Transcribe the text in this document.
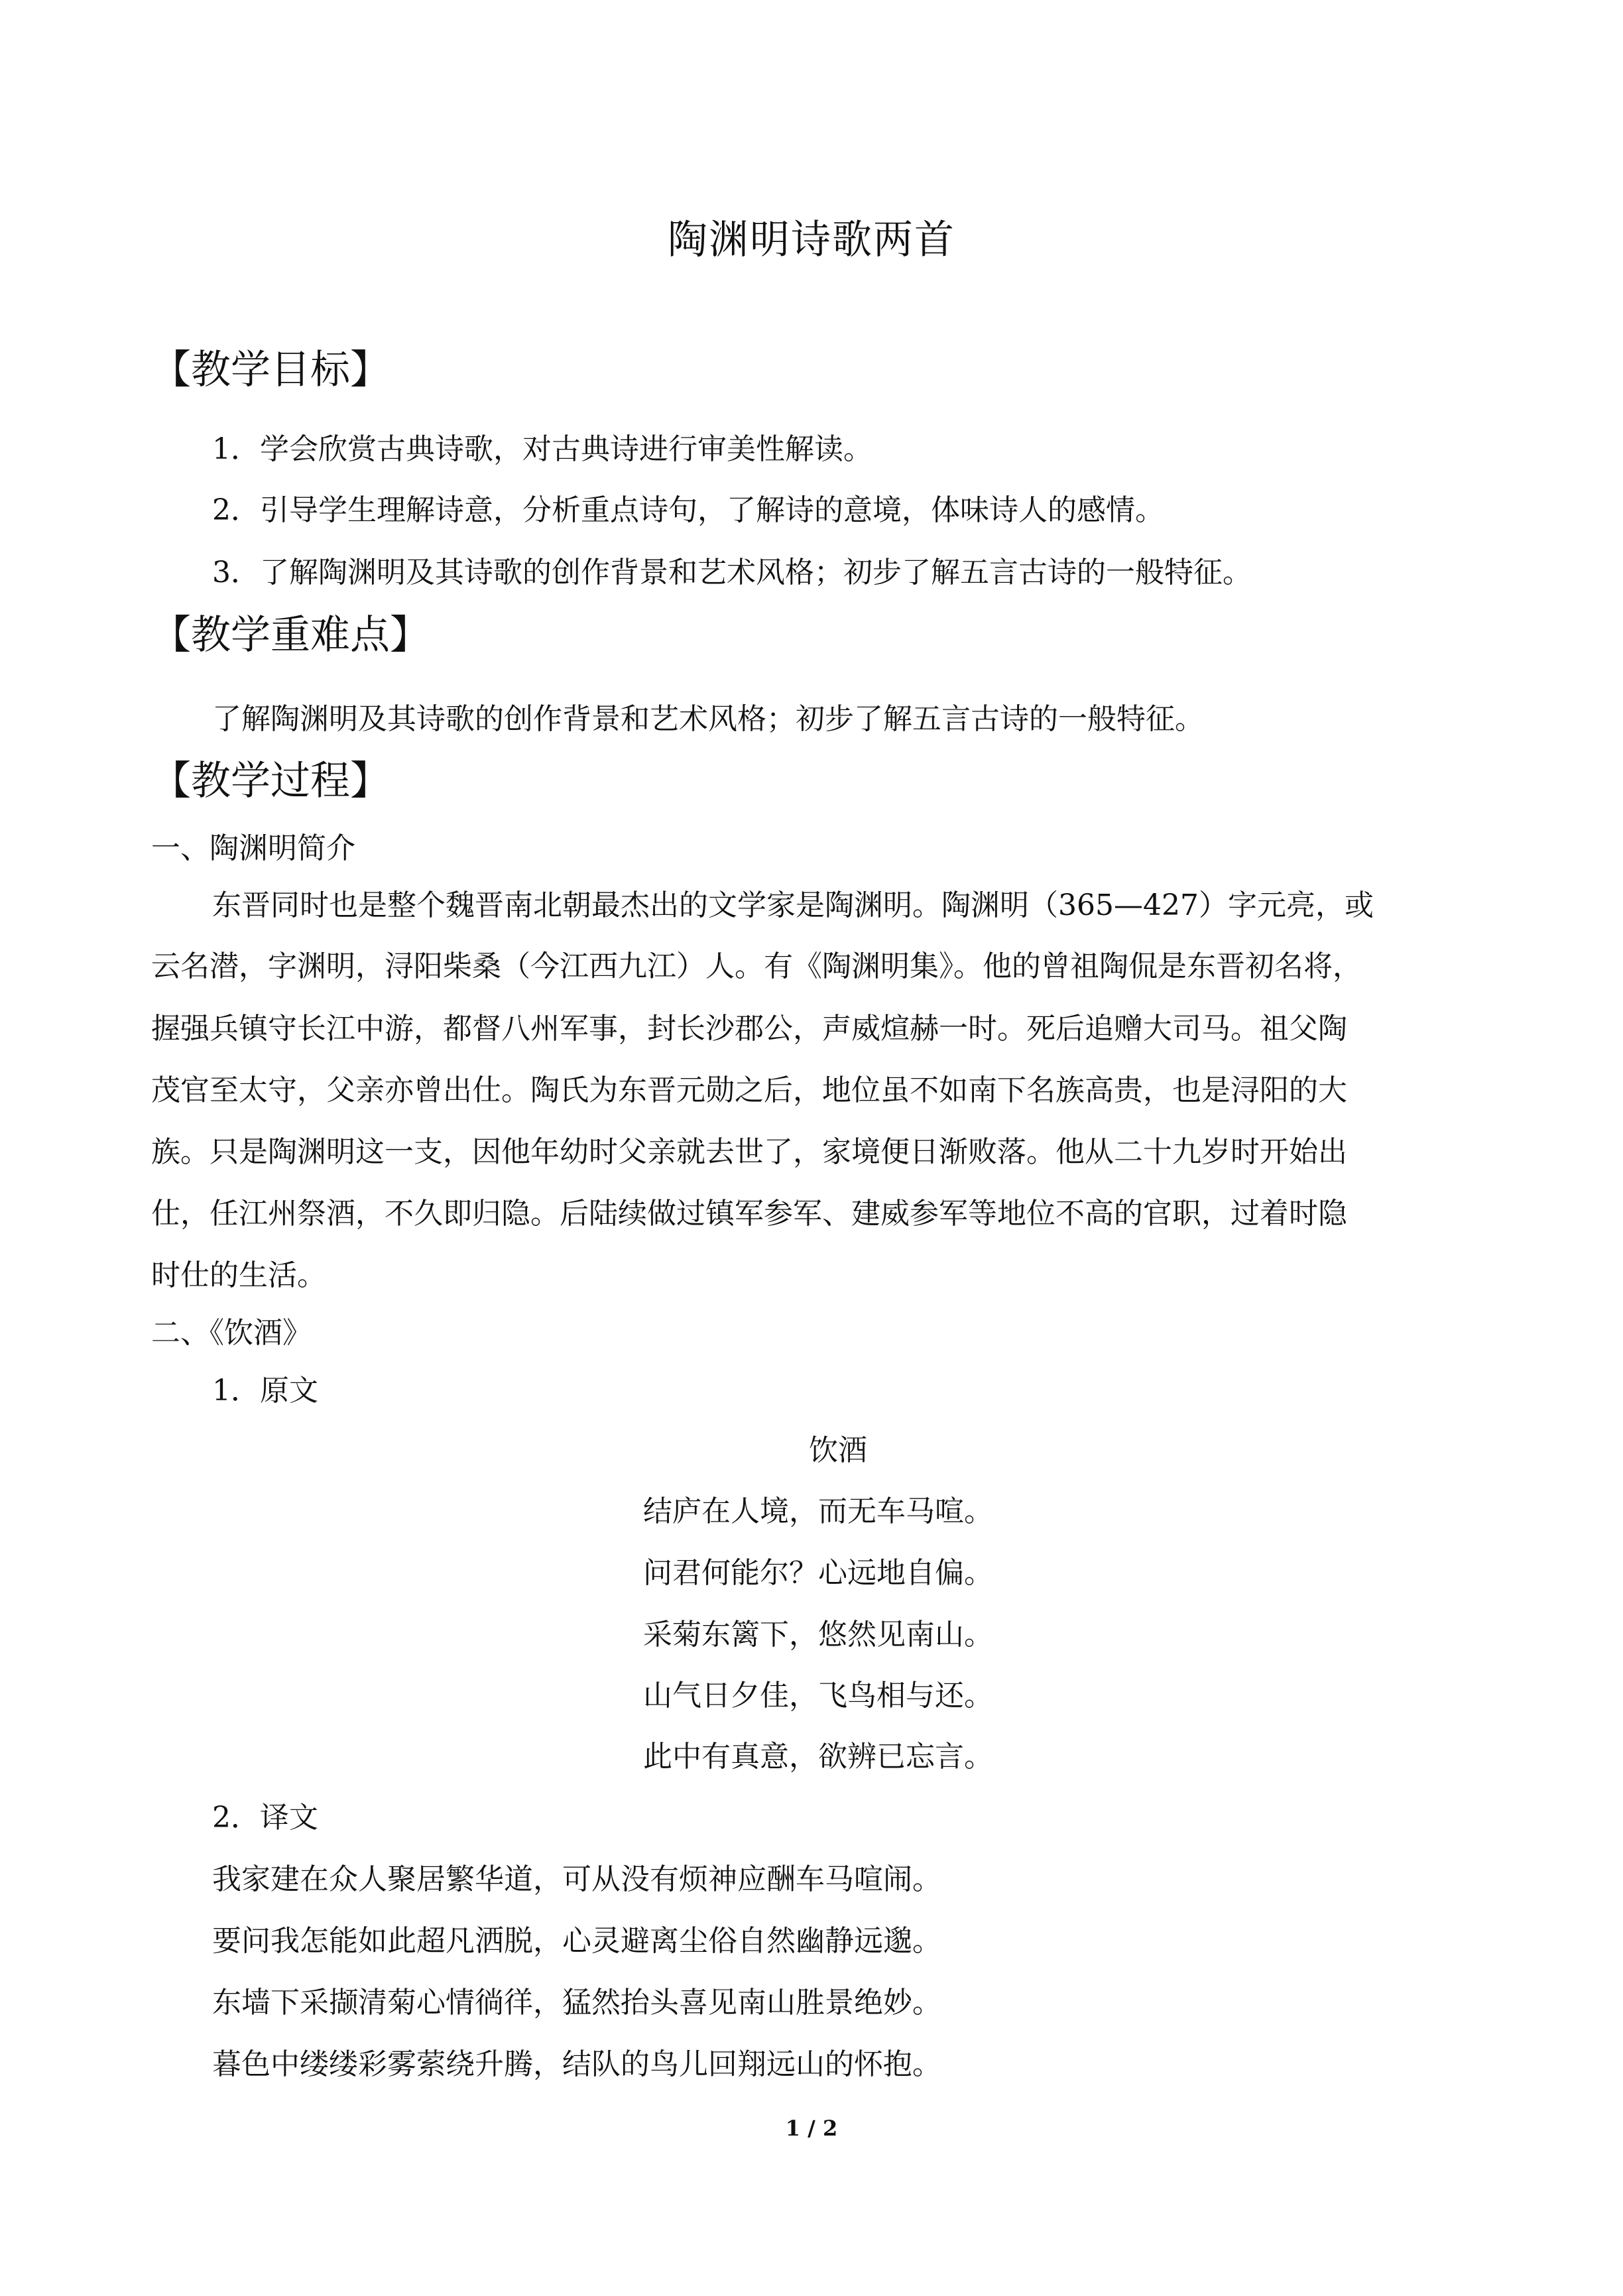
陶渊明诗歌两首
【教学目标】
1．学会欣赏古典诗歌，对古典诗进行审美性解读。
2．引导学生理解诗意，分析重点诗句，了解诗的意境，体味诗人的感情。
3．了解陶渊明及其诗歌的创作背景和艺术风格；初步了解五言古诗的一般特征。
【教学重难点】
了解陶渊明及其诗歌的创作背景和艺术风格；初步了解五言古诗的一般特征。
【教学过程】
一、陶渊明简介
东晋同时也是整个魏晋南北朝最杰出的文学家是陶渊明。陶渊明（365—427）字元亮，或
云名潜，字渊明，浔阳柴桑（今江西九江）人。有《陶渊明集》。他的曾祖陶侃是东晋初名将，
握强兵镇守长江中游，都督八州军事，封长沙郡公，声威煊赫一时。死后追赠大司马。祖父陶
茂官至太守，父亲亦曾出仕。陶氏为东晋元勋之后，地位虽不如南下名族高贵，也是浔阳的大
族。只是陶渊明这一支，因他年幼时父亲就去世了，家境便日渐败落。他从二十九岁时开始出
仕，任江州祭酒，不久即归隐。后陆续做过镇军参军、建威参军等地位不高的官职，过着时隐
时仕的生活。
二、《饮酒》
1．原文
饮酒
结庐在人境，而无车马喧。
问君何能尔？心远地自偏。
采菊东篱下，悠然见南山。
山气日夕佳，飞鸟相与还。
此中有真意，欲辨已忘言。
2．译文
我家建在众人聚居繁华道，可从没有烦神应酬车马喧闹。
要问我怎能如此超凡洒脱，心灵避离尘俗自然幽静远邈。
东墙下采撷清菊心情徜徉，猛然抬头喜见南山胜景绝妙。
暮色中缕缕彩雾萦绕升腾，结队的鸟儿回翔远山的怀抱。
1 / 2
